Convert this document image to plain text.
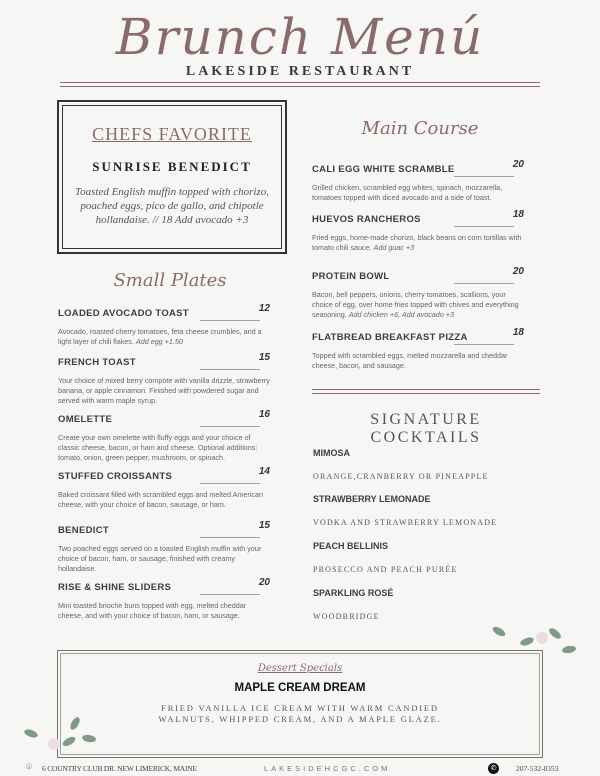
Brunch Menú
LAKESIDE RESTAURANT
CHEFS FAVORITE
SUNRISE BENEDICT
Toasted English muffin topped with chorizo, poached eggs, pico de gallo, and chipotle hollandaise. // 18 Add avocado +3
Small Plates
Main Course
LOADED AVOCADO TOAST	12
Avocado, roasted cherry tomatoes, feta cheese crumbles, and a light layer of chili flakes. Add egg +1.50
FRENCH TOAST	15
Your choice of mixed berry compote with vanilla drizzle, strawberry banana, or apple cinnamon. Finished with powdered sugar and served with warm maple syrup.
OMELETTE	16
Create your own omelette with fluffy eggs and your choice of classic cheese, bacon, or ham and cheese. Optional additions: tomato, onion, green pepper, mushroom, or spinach.
STUFFED CROISSANTS	14
Baked croissant filled with scrambled eggs and melted American cheese, with your choice of bacon, sausage, or ham.
BENEDICT	15
Two poached eggs served on a toasted English muffin with your choice of bacon, ham, or sausage, finished with creamy hollandaise.
RISE & SHINE SLIDERS	20
Mini toasted brioche buns topped with egg, melted cheddar cheese, and with your choice of bacon, ham, or sausage.
CALI EGG WHITE SCRAMBLE	20
Grilled chicken, scrambled egg whites, spinach, mozzarella, tomatoes topped with diced avocado and a side of toast.
HUEVOS RANCHEROS	18
Fried eggs, home-made chorizo, black beans on corn tortillas with tomato chili sauce. Add guac +3
PROTEIN BOWL	20
Bacon, bell peppers, onions, cherry tomatoes, scallions, your choice of egg, over home fries topped with chives and everything seasoning. Add chicken +6, Add avocado +3
FLATBREAD BREAKFAST PIZZA	18
Topped with scrambled eggs, melted mozzarella and cheddar cheese, bacon, and sausage.
SIGNATURE COCKTAILS
MIMOSA
ORANGE,CRANBERRY OR PINEAPPLE
STRAWBERRY LEMONADE
VODKA AND STRAWBERRY LEMONADE
PEACH BELLINIS
PROSECCO AND PEACH PURÉE
SPARKLING ROSÉ
WOODBRIDGE
Dessert Specials
MAPLE CREAM DREAM
FRIED VANILLA ICE CREAM WITH WARM CANDIED WALNUTS, WHIPPED CREAM, AND A MAPLE GLAZE.
⌾ 6 COUNTRY CLUB DR. NEW LIMERICK, MAINE	LAKESIDEHCGC.COM	✆	207-532-8353
